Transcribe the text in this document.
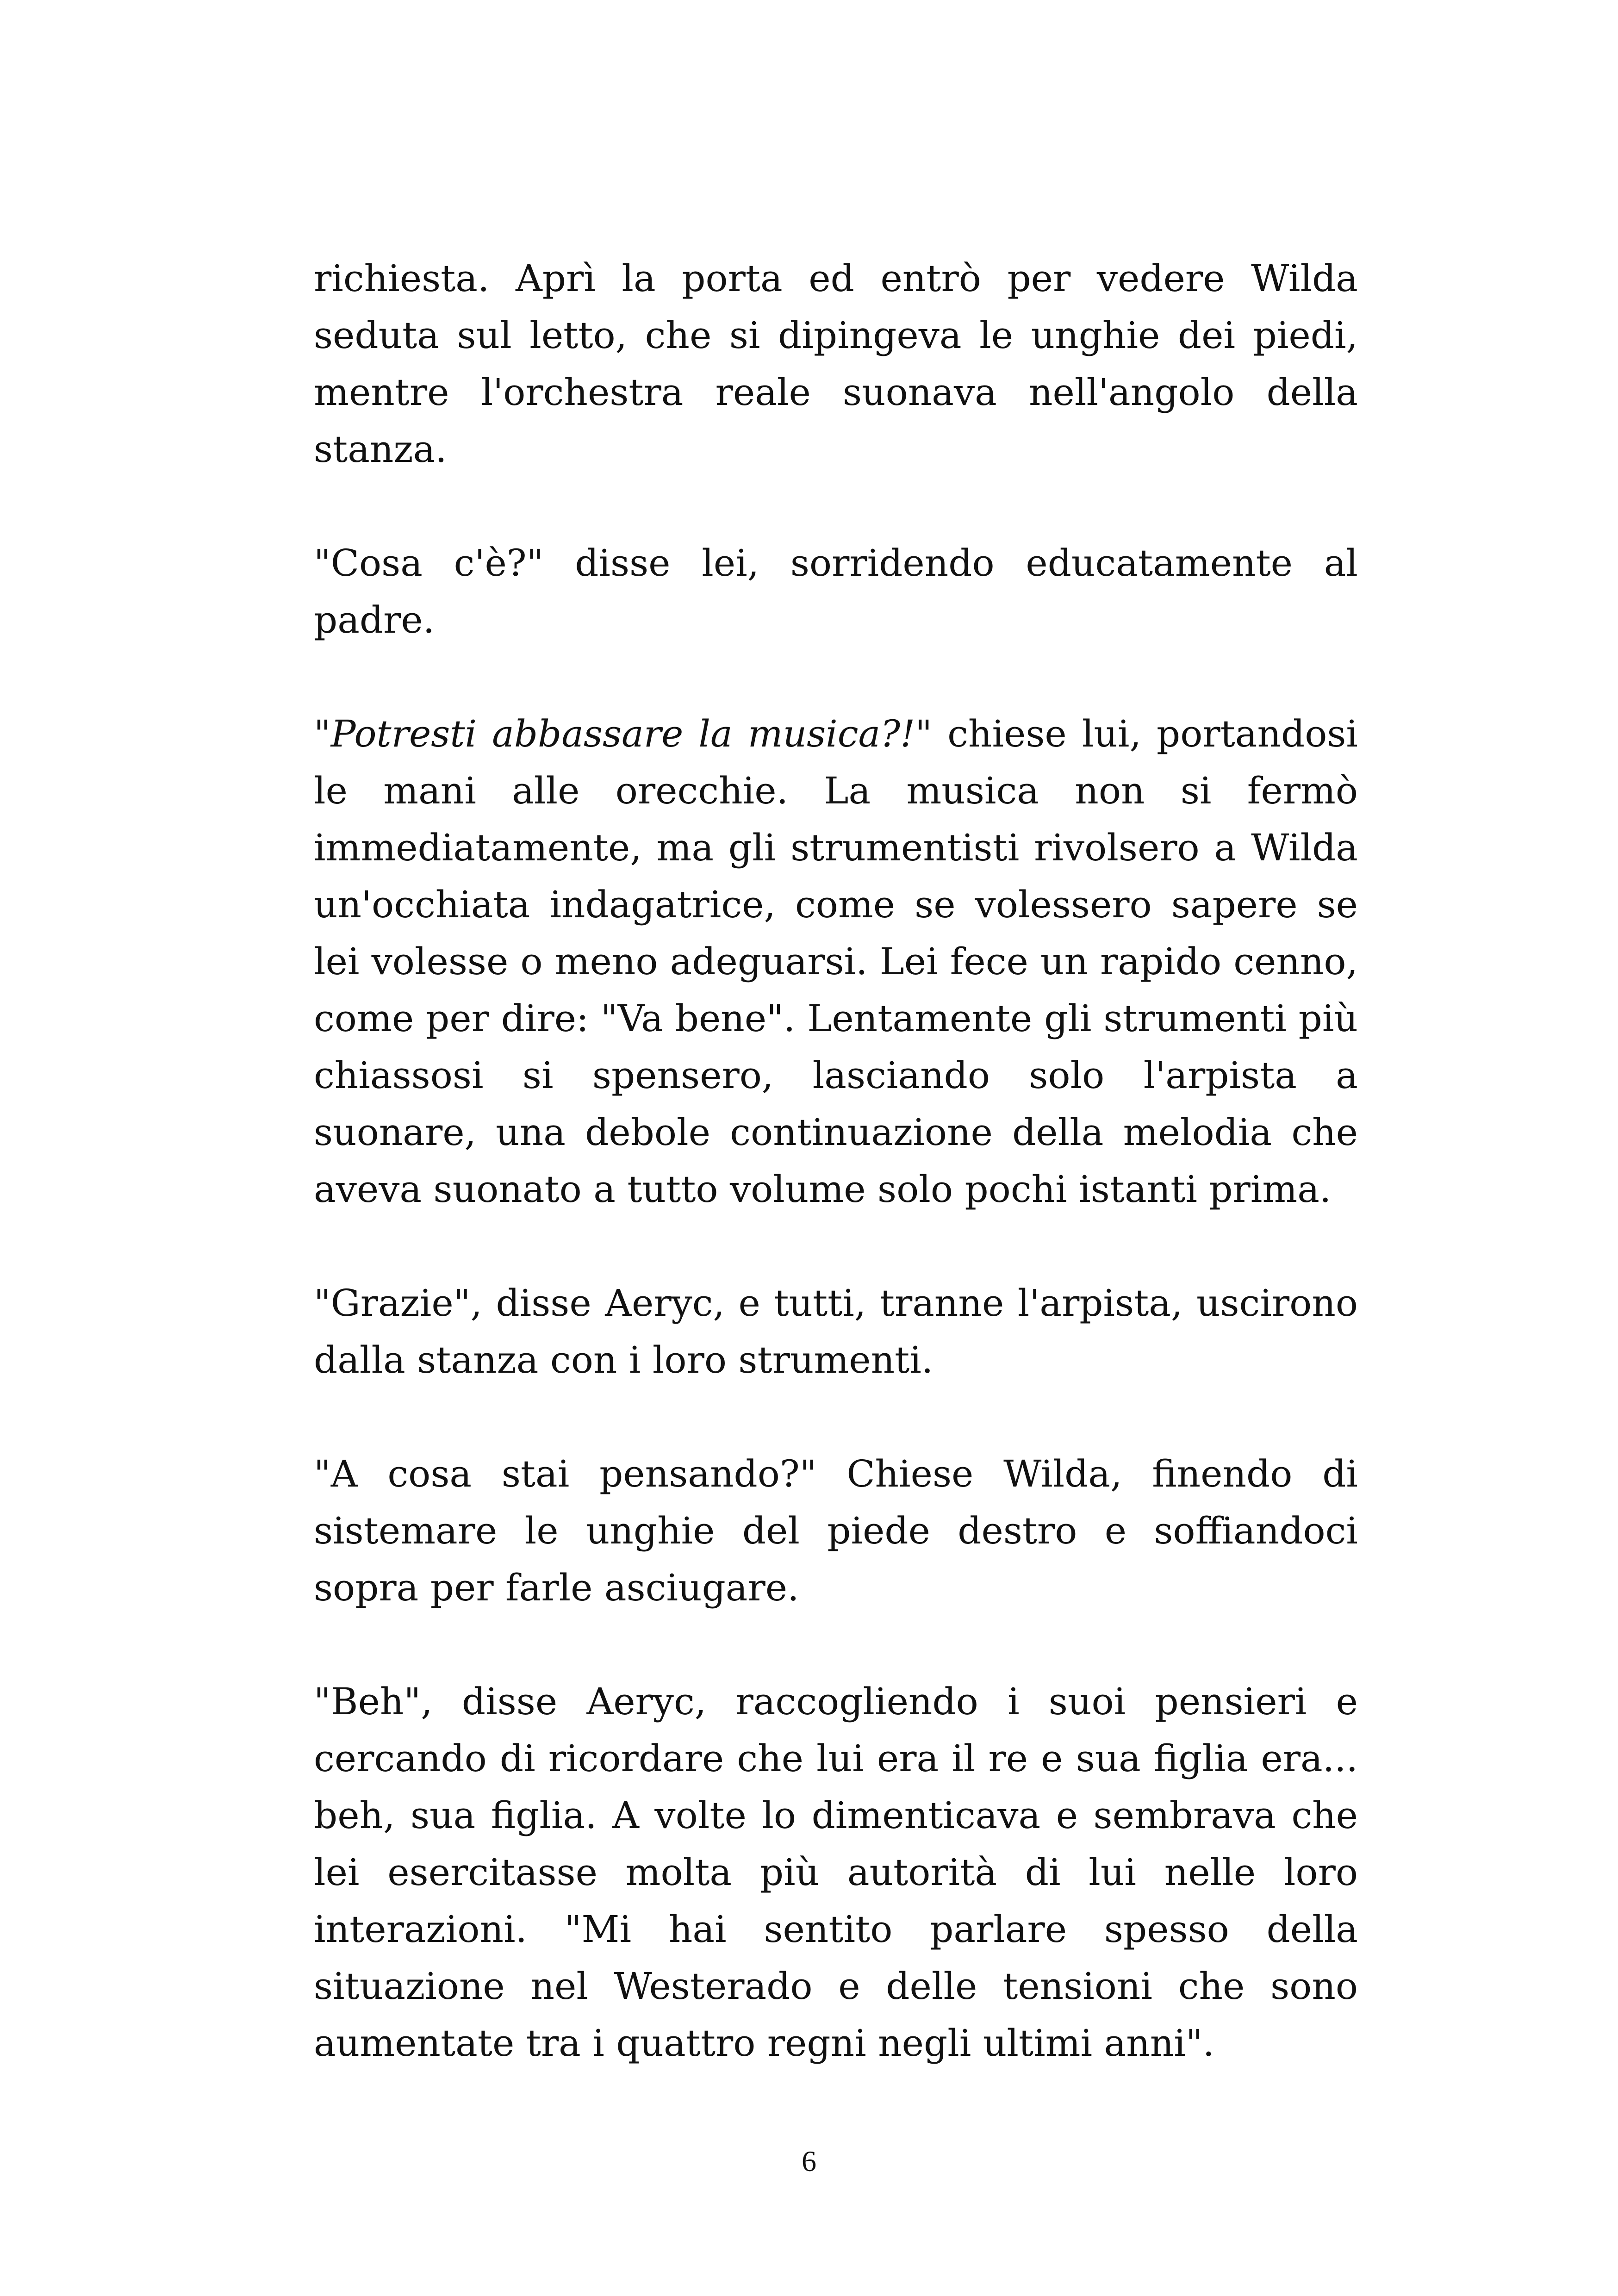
richiesta. Aprì la porta ed entrò per vedere Wilda seduta sul letto, che si dipingeva le unghie dei piedi, mentre l'orchestra reale suonava nell'angolo della stanza.

"Cosa c'è?" disse lei, sorridendo educatamente al padre.

"Potresti abbassare la musica?!" chiese lui, portandosi le mani alle orecchie. La musica non si fermò immediatamente, ma gli strumentisti rivolsero a Wilda un'occhiata indagatrice, come se volessero sapere se lei volesse o meno adeguarsi. Lei fece un rapido cenno, come per dire: "Va bene". Lentamente gli strumenti più chiassosi si spensero, lasciando solo l'arpista a suonare, una debole continuazione della melodia che aveva suonato a tutto volume solo pochi istanti prima.

"Grazie", disse Aeryc, e tutti, tranne l'arpista, uscirono dalla stanza con i loro strumenti.

"A cosa stai pensando?" Chiese Wilda, finendo di sistemare le unghie del piede destro e soffiandoci sopra per farle asciugare.

"Beh", disse Aeryc, raccogliendo i suoi pensieri e cercando di ricordare che lui era il re e sua figlia era... beh, sua figlia. A volte lo dimenticava e sembrava che lei esercitasse molta più autorità di lui nelle loro interazioni. "Mi hai sentito parlare spesso della situazione nel Westerado e delle tensioni che sono aumentate tra i quattro regni negli ultimi anni".

6
